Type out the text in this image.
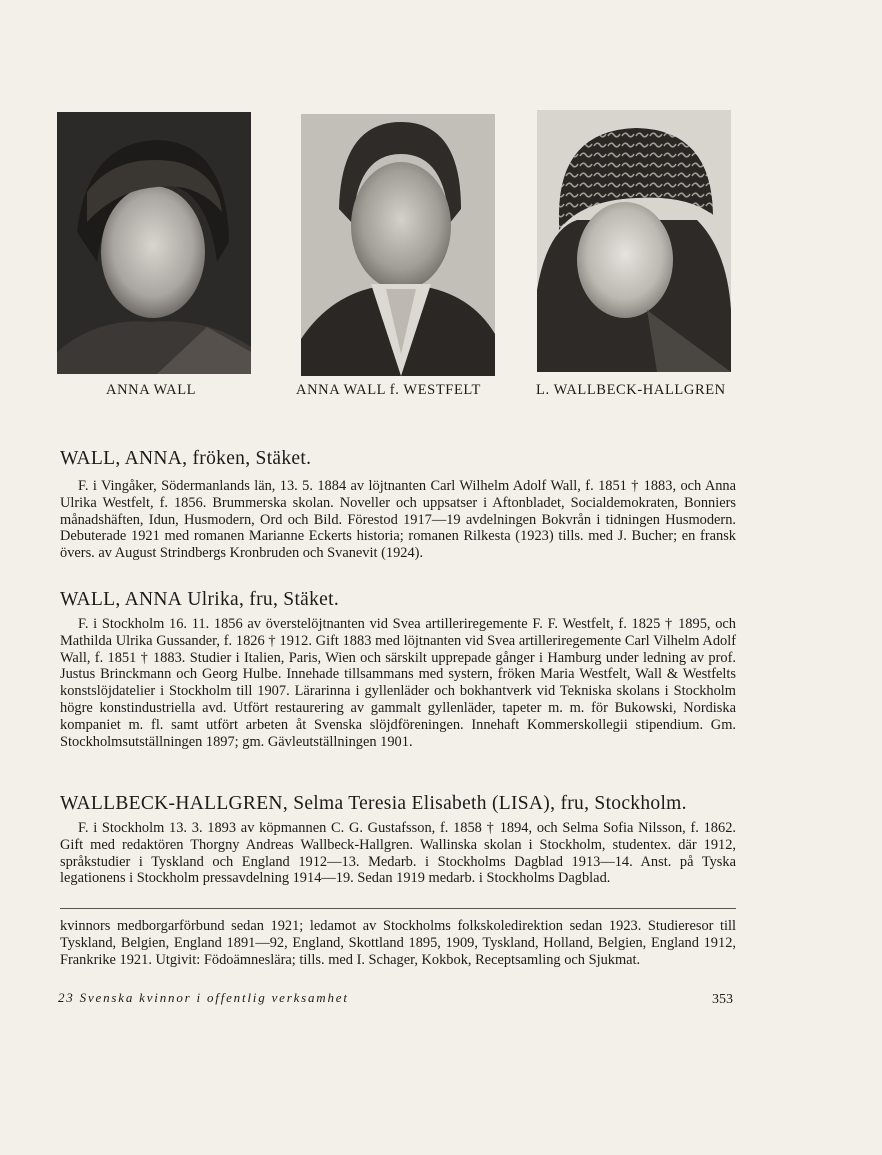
ANNA WALL	ANNA WALL f. WESTFELT	L. WALLBECK-HALLGREN
WALL, ANNA, fröken, Stäket.

F. i Vingåker, Södermanlands län, 13. 5. 1884 av löjtnanten Carl Wilhelm Adolf Wall, f. 1851 † 1883, och Anna Ulrika Westfelt, f. 1856. Brummerska skolan. Noveller och uppsatser i Aftonbladet, Socialdemokraten, Bonniers månadshäften, Idun, Husmodern, Ord och Bild. Förestod 1917—19 avdelningen Bokvrån i tidningen Husmodern. Debuterade 1921 med romanen Marianne Eckerts historia; romanen Rilkesta (1923) tills. med J. Bucher; en fransk övers. av August Strindbergs Kronbruden och Svanevit (1924).

WALL, ANNA Ulrika, fru, Stäket.

F. i Stockholm 16. 11. 1856 av överstelöjtnanten vid Svea artilleriregemente F. F. Westfelt, f. 1825 † 1895, och Mathilda Ulrika Gussander, f. 1826 † 1912. Gift 1883 med löjtnanten vid Svea artilleriregemente Carl Vilhelm Adolf Wall, f. 1851 † 1883. Studier i Italien, Paris, Wien och särskilt upprepade gånger i Hamburg under ledning av prof. Justus Brinckmann och Georg Hulbe. Innehade tillsammans med systern, fröken Maria Westfelt, Wall & Westfelts konstslöjdatelier i Stockholm till 1907. Lärarinna i gyllenläder och bokhantverk vid Tekniska skolans i Stockholm högre konstindustriella avd. Utfört restaurering av gammalt gyllenläder, tapeter m. m. för Bukowski, Nordiska kompaniet m. fl. samt utfört arbeten åt Svenska slöjdföreningen. Innehaft Kommerskollegii stipendium. Gm. Stockholmsutställningen 1897; gm. Gävleutställningen 1901.

WALLBECK-HALLGREN, Selma Teresia Elisabeth (LISA), fru, Stockholm.

F. i Stockholm 13. 3. 1893 av köpmannen C. G. Gustafsson, f. 1858 † 1894, och Selma Sofia Nilsson, f. 1862. Gift med redaktören Thorgny Andreas Wallbeck-Hallgren. Wallinska skolan i Stockholm, studentex. där 1912, språkstudier i Tyskland och England 1912—13. Medarb. i Stockholms Dagblad 1913—14. Anst. på Tyska legationens i Stockholm pressavdelning 1914—19. Sedan 1919 medarb. i Stockholms Dagblad.

kvinnors medborgarförbund sedan 1921; ledamot av Stockholms folkskoledirektion sedan 1923. Studieresor till Tyskland, Belgien, England 1891—92, England, Skottland 1895, 1909, Tyskland, Holland, Belgien, England 1912, Frankrike 1921. Utgivit: Födoämneslära; tills. med I. Schager, Kokbok, Receptsamling och Sjukmat.
23 Svenska kvinnor i offentlig verksamhet	353
